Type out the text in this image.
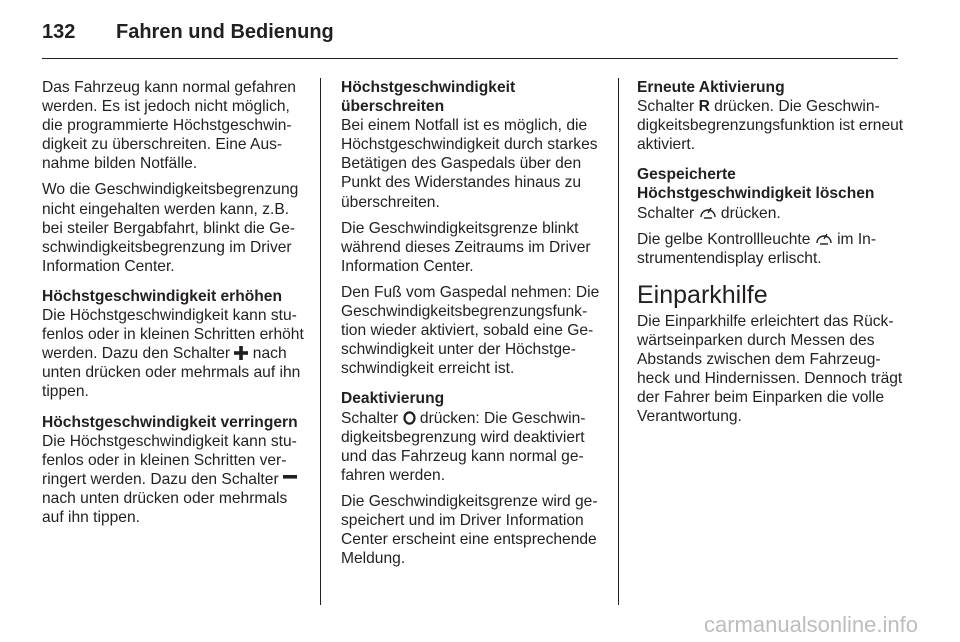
132 Fahren und Bedienung

Das Fahrzeug kann normal gefahren werden. Es ist jedoch nicht möglich, die programmierte Höchstgeschwindigkeit zu überschreiten. Eine Ausnahme bilden Notfälle.

Wo die Geschwindigkeitsbegrenzung nicht eingehalten werden kann, z.B. bei steiler Bergabfahrt, blinkt die Geschwindigkeitsbegrenzung im Driver Information Center.

Höchstgeschwindigkeit erhöhen

Die Höchstgeschwindigkeit kann stufenlos oder in kleinen Schritten erhöht werden. Dazu den Schalter nach unten drücken oder mehrmals auf ihn tippen.

Höchstgeschwindigkeit verringern

Die Höchstgeschwindigkeit kann stufenlos oder in kleinen Schritten verringert werden. Dazu den Schalter  nach unten drücken oder mehrmals auf ihn tippen.

Höchstgeschwindigkeit überschreiten

Bei einem Notfall ist es möglich, die Höchstgeschwindigkeit durch starkes Betätigen des Gaspedals über den Punkt des Widerstandes hinaus zu überschreiten.

Die Geschwindigkeitsgrenze blinkt während dieses Zeitraums im Driver Information Center.

Den Fuß vom Gaspedal nehmen: Die Geschwindigkeitsbegrenzungsfunktion wieder aktiviert, sobald eine Geschwindigkeit unter der Höchstgeschwindigkeit erreicht ist.

Deaktivierung

Schalter drücken: Die Geschwindigkeitsbegrenzung wird deaktiviert und das Fahrzeug kann normal gefahren werden.

Die Geschwindigkeitsgrenze wird gespeichert und im Driver Information Center erscheint eine entsprechende Meldung.

Erneute Aktivierung

Schalter R drücken. Die Geschwindigkeitsbegrenzungsfunktion ist erneut aktiviert.

Gespeicherte Höchstgeschwindigkeit löschen

Schalter drücken.

Die gelbe Kontrollleuchte im Instrumentendisplay erlischt.

Einparkhilfe

Die Einparkhilfe erleichtert das Rückwärtseinparken durch Messen des Abstands zwischen dem Fahrzeugheck und Hindernissen. Dennoch trägt der Fahrer beim Einparken die volle Verantwortung.

carmanualsonline.info
